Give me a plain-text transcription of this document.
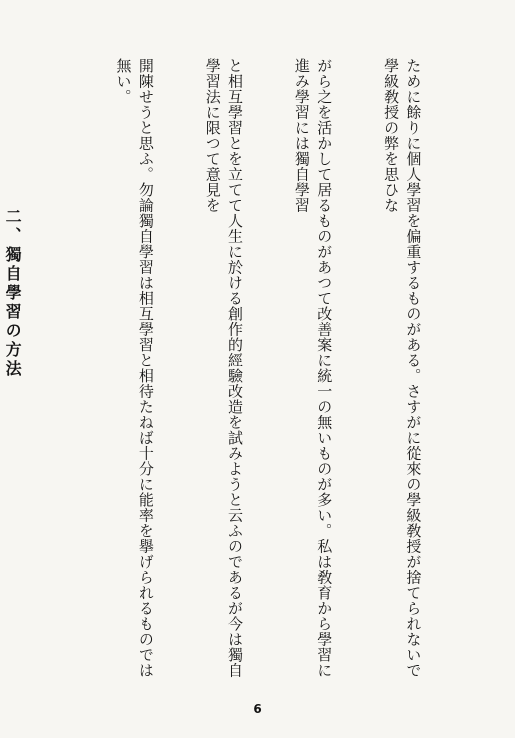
ために餘りに個人學習を偏重するものがある。さすがに從來の學級敎授が捨てられないで學級敎授の弊を思ひな

がら之を活かして居るものがあつて改善案に統一の無いものが多い。私は敎育から學習に進み學習には獨自學習

と相互學習とを立てて人生に於ける創作的經驗改造を試みようと云ふのであるが今は獨自學習法に限つて意見を

開陳せうと思ふ。勿論獨自學習は相互學習と相待たねば十分に能率を擧げられるものでは無い。

二、獨自學習の方法

6
